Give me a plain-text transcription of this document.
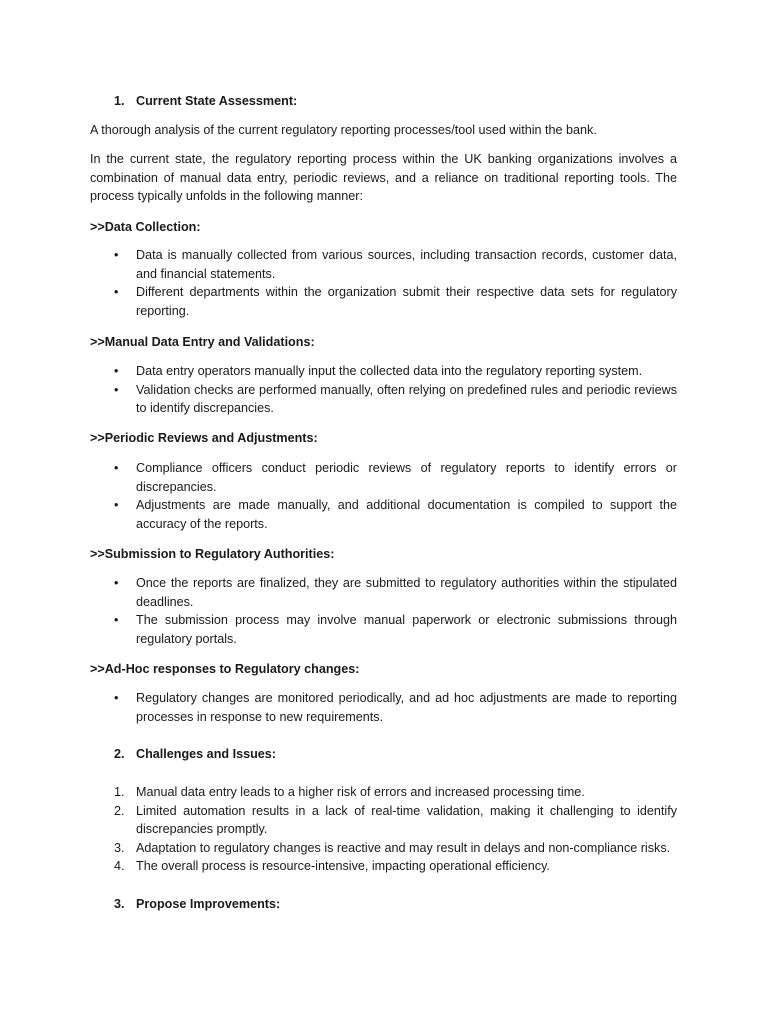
1. Current State Assessment:

A thorough analysis of the current regulatory reporting processes/tool used within the bank.

In the current state, the regulatory reporting process within the UK banking organizations involves a combination of manual data entry, periodic reviews, and a reliance on traditional reporting tools. The process typically unfolds in the following manner:

>>Data Collection:
• Data is manually collected from various sources, including transaction records, customer data, and financial statements.
• Different departments within the organization submit their respective data sets for regulatory reporting.
>>Manual Data Entry and Validations:
• Data entry operators manually input the collected data into the regulatory reporting system.
• Validation checks are performed manually, often relying on predefined rules and periodic reviews to identify discrepancies.
>>Periodic Reviews and Adjustments:
• Compliance officers conduct periodic reviews of regulatory reports to identify errors or discrepancies.
• Adjustments are made manually, and additional documentation is compiled to support the accuracy of the reports.
>>Submission to Regulatory Authorities:
• Once the reports are finalized, they are submitted to regulatory authorities within the stipulated deadlines.
• The submission process may involve manual paperwork or electronic submissions through regulatory portals.
>>Ad-Hoc responses to Regulatory changes:
• Regulatory changes are monitored periodically, and ad hoc adjustments are made to reporting processes in response to new requirements.
2. Challenges and Issues:
1. Manual data entry leads to a higher risk of errors and increased processing time.
2. Limited automation results in a lack of real-time validation, making it challenging to identify discrepancies promptly.
3. Adaptation to regulatory changes is reactive and may result in delays and non-compliance risks.
4. The overall process is resource-intensive, impacting operational efficiency.
3. Propose Improvements:
